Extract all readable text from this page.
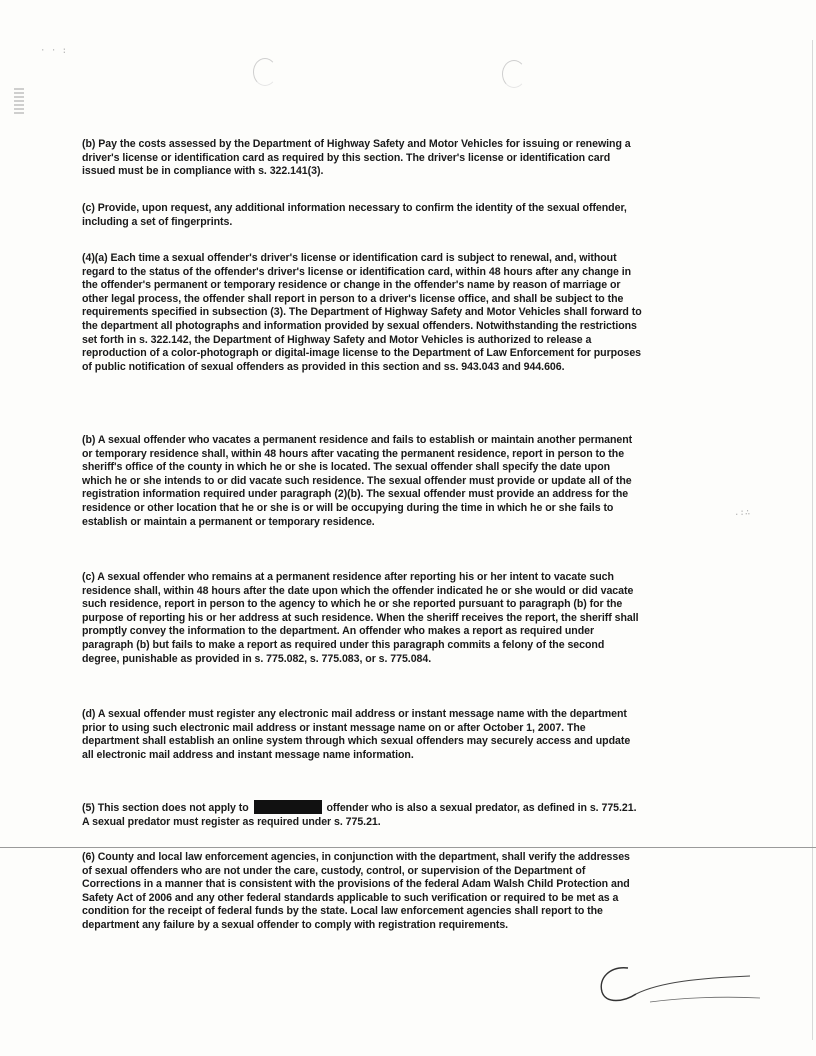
· · :
.:∴
(b) Pay the costs assessed by the Department of Highway Safety and Motor Vehicles for issuing or renewing a driver's license or identification card as required by this section. The driver's license or identification card issued must be in compliance with s. 322.141(3).
(c) Provide, upon request, any additional information necessary to confirm the identity of the sexual offender, including a set of fingerprints.
(4)(a) Each time a sexual offender's driver's license or identification card is subject to renewal, and, without regard to the status of the offender's driver's license or identification card, within 48 hours after any change in the offender's permanent or temporary residence or change in the offender's name by reason of marriage or other legal process, the offender shall report in person to a driver's license office, and shall be subject to the requirements specified in subsection (3). The Department of Highway Safety and Motor Vehicles shall forward to the department all photographs and information provided by sexual offenders. Notwithstanding the restrictions set forth in s. 322.142, the Department of Highway Safety and Motor Vehicles is authorized to release a reproduction of a color-photograph or digital-image license to the Department of Law Enforcement for purposes of public notification of sexual offenders as provided in this section and ss. 943.043 and 944.606.
(b) A sexual offender who vacates a permanent residence and fails to establish or maintain another permanent or temporary residence shall, within 48 hours after vacating the permanent residence, report in person to the sheriff's office of the county in which he or she is located. The sexual offender shall specify the date upon which he or she intends to or did vacate such residence. The sexual offender must provide or update all of the registration information required under paragraph (2)(b). The sexual offender must provide an address for the residence or other location that he or she is or will be occupying during the time in which he or she fails to establish or maintain a permanent or temporary residence.
(c) A sexual offender who remains at a permanent residence after reporting his or her intent to vacate such residence shall, within 48 hours after the date upon which the offender indicated he or she would or did vacate such residence, report in person to the agency to which he or she reported pursuant to paragraph (b) for the purpose of reporting his or her address at such residence. When the sheriff receives the report, the sheriff shall promptly convey the information to the department. An offender who makes a report as required under paragraph (b) but fails to make a report as required under this paragraph commits a felony of the second degree, punishable as provided in s. 775.082, s. 775.083, or s. 775.084.
(d) A sexual offender must register any electronic mail address or instant message name with the department prior to using such electronic mail address or instant message name on or after October 1, 2007. The department shall establish an online system through which sexual offenders may securely access and update all electronic mail address and instant message name information.
(5) This section does not apply to	offender who is also a sexual predator, as defined in s. 775.21. A sexual predator must register as required under s. 775.21.
(6) County and local law enforcement agencies, in conjunction with the department, shall verify the addresses of sexual offenders who are not under the care, custody, control, or supervision of the Department of Corrections in a manner that is consistent with the provisions of the federal Adam Walsh Child Protection and Safety Act of 2006 and any other federal standards applicable to such verification or required to be met as a condition for the receipt of federal funds by the state. Local law enforcement agencies shall report to the department any failure by a sexual offender to comply with registration requirements.
